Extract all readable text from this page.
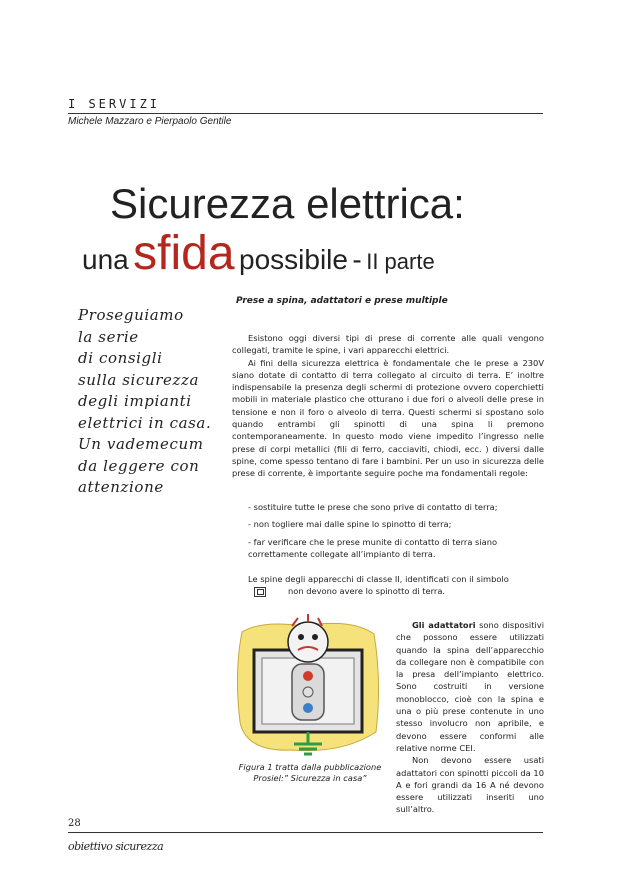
I SERVIZI
Michele Mazzaro e Pierpaolo Gentile
Sicurezza elettrica:
una sfida possibile - II parte
Proseguiamo
la serie
di consigli
sulla sicurezza
degli impianti
elettrici in casa.
Un vademecum
da leggere con
attenzione
Prese a spina, adattatori e prese multiple

Esistono oggi diversi tipi di prese di corrente alle quali vengono collegati, tramite le spine, i vari apparecchi elettrici.

Ai fini della sicurezza elettrica è fondamentale che le prese a 230V siano dotate di contatto di terra collegato al circuito di terra. E’ inoltre indispensabile la presenza degli schermi di protezione ovvero coperchietti mobili in materiale plastico che otturano i due fori o alveoli delle prese in tensione e non il foro o alveolo di terra. Questi schermi si spostano solo quando entrambi gli spinotti di una spina li premono contemporaneamente. In questo modo viene impedito l’ingresso nelle prese di corpi metallici (fili di ferro, cacciaviti, chiodi, ecc. ) diversi dalle spine, come spesso tentano di fare i bambini. Per un uso in sicurezza delle prese di corrente, è importante seguire poche ma fondamentali regole:

- sostituire tutte le prese che sono prive di contatto di terra;
- non togliere mai dalle spine lo spinotto di terra;
- far verificare che le prese munite di contatto di terra siano correttamente collegate all’impianto di terra.
Le spine degli apparecchi di classe II, identificati con il simbolo
non devono avere lo spinotto di terra.
Figura 1 tratta dalla pubblicazione Prosiel:” Sicurezza in casa”

Gli adattatori sono dispositivi che possono essere utilizzati quando la spina dell’apparecchio da collegare non è compatibile con la presa dell’impianto elettrico. Sono costruiti in versione monoblocco, cioè con la spina e una o più prese contenute in uno stesso involucro non apribile, e devono essere conformi alle relative norme CEI.

Non devono essere usati adattatori con spinotti piccoli da 10 A e fori grandi da 16 A né devono essere utilizzati inseriti uno sull’altro.

28
obiettivo sicurezza
